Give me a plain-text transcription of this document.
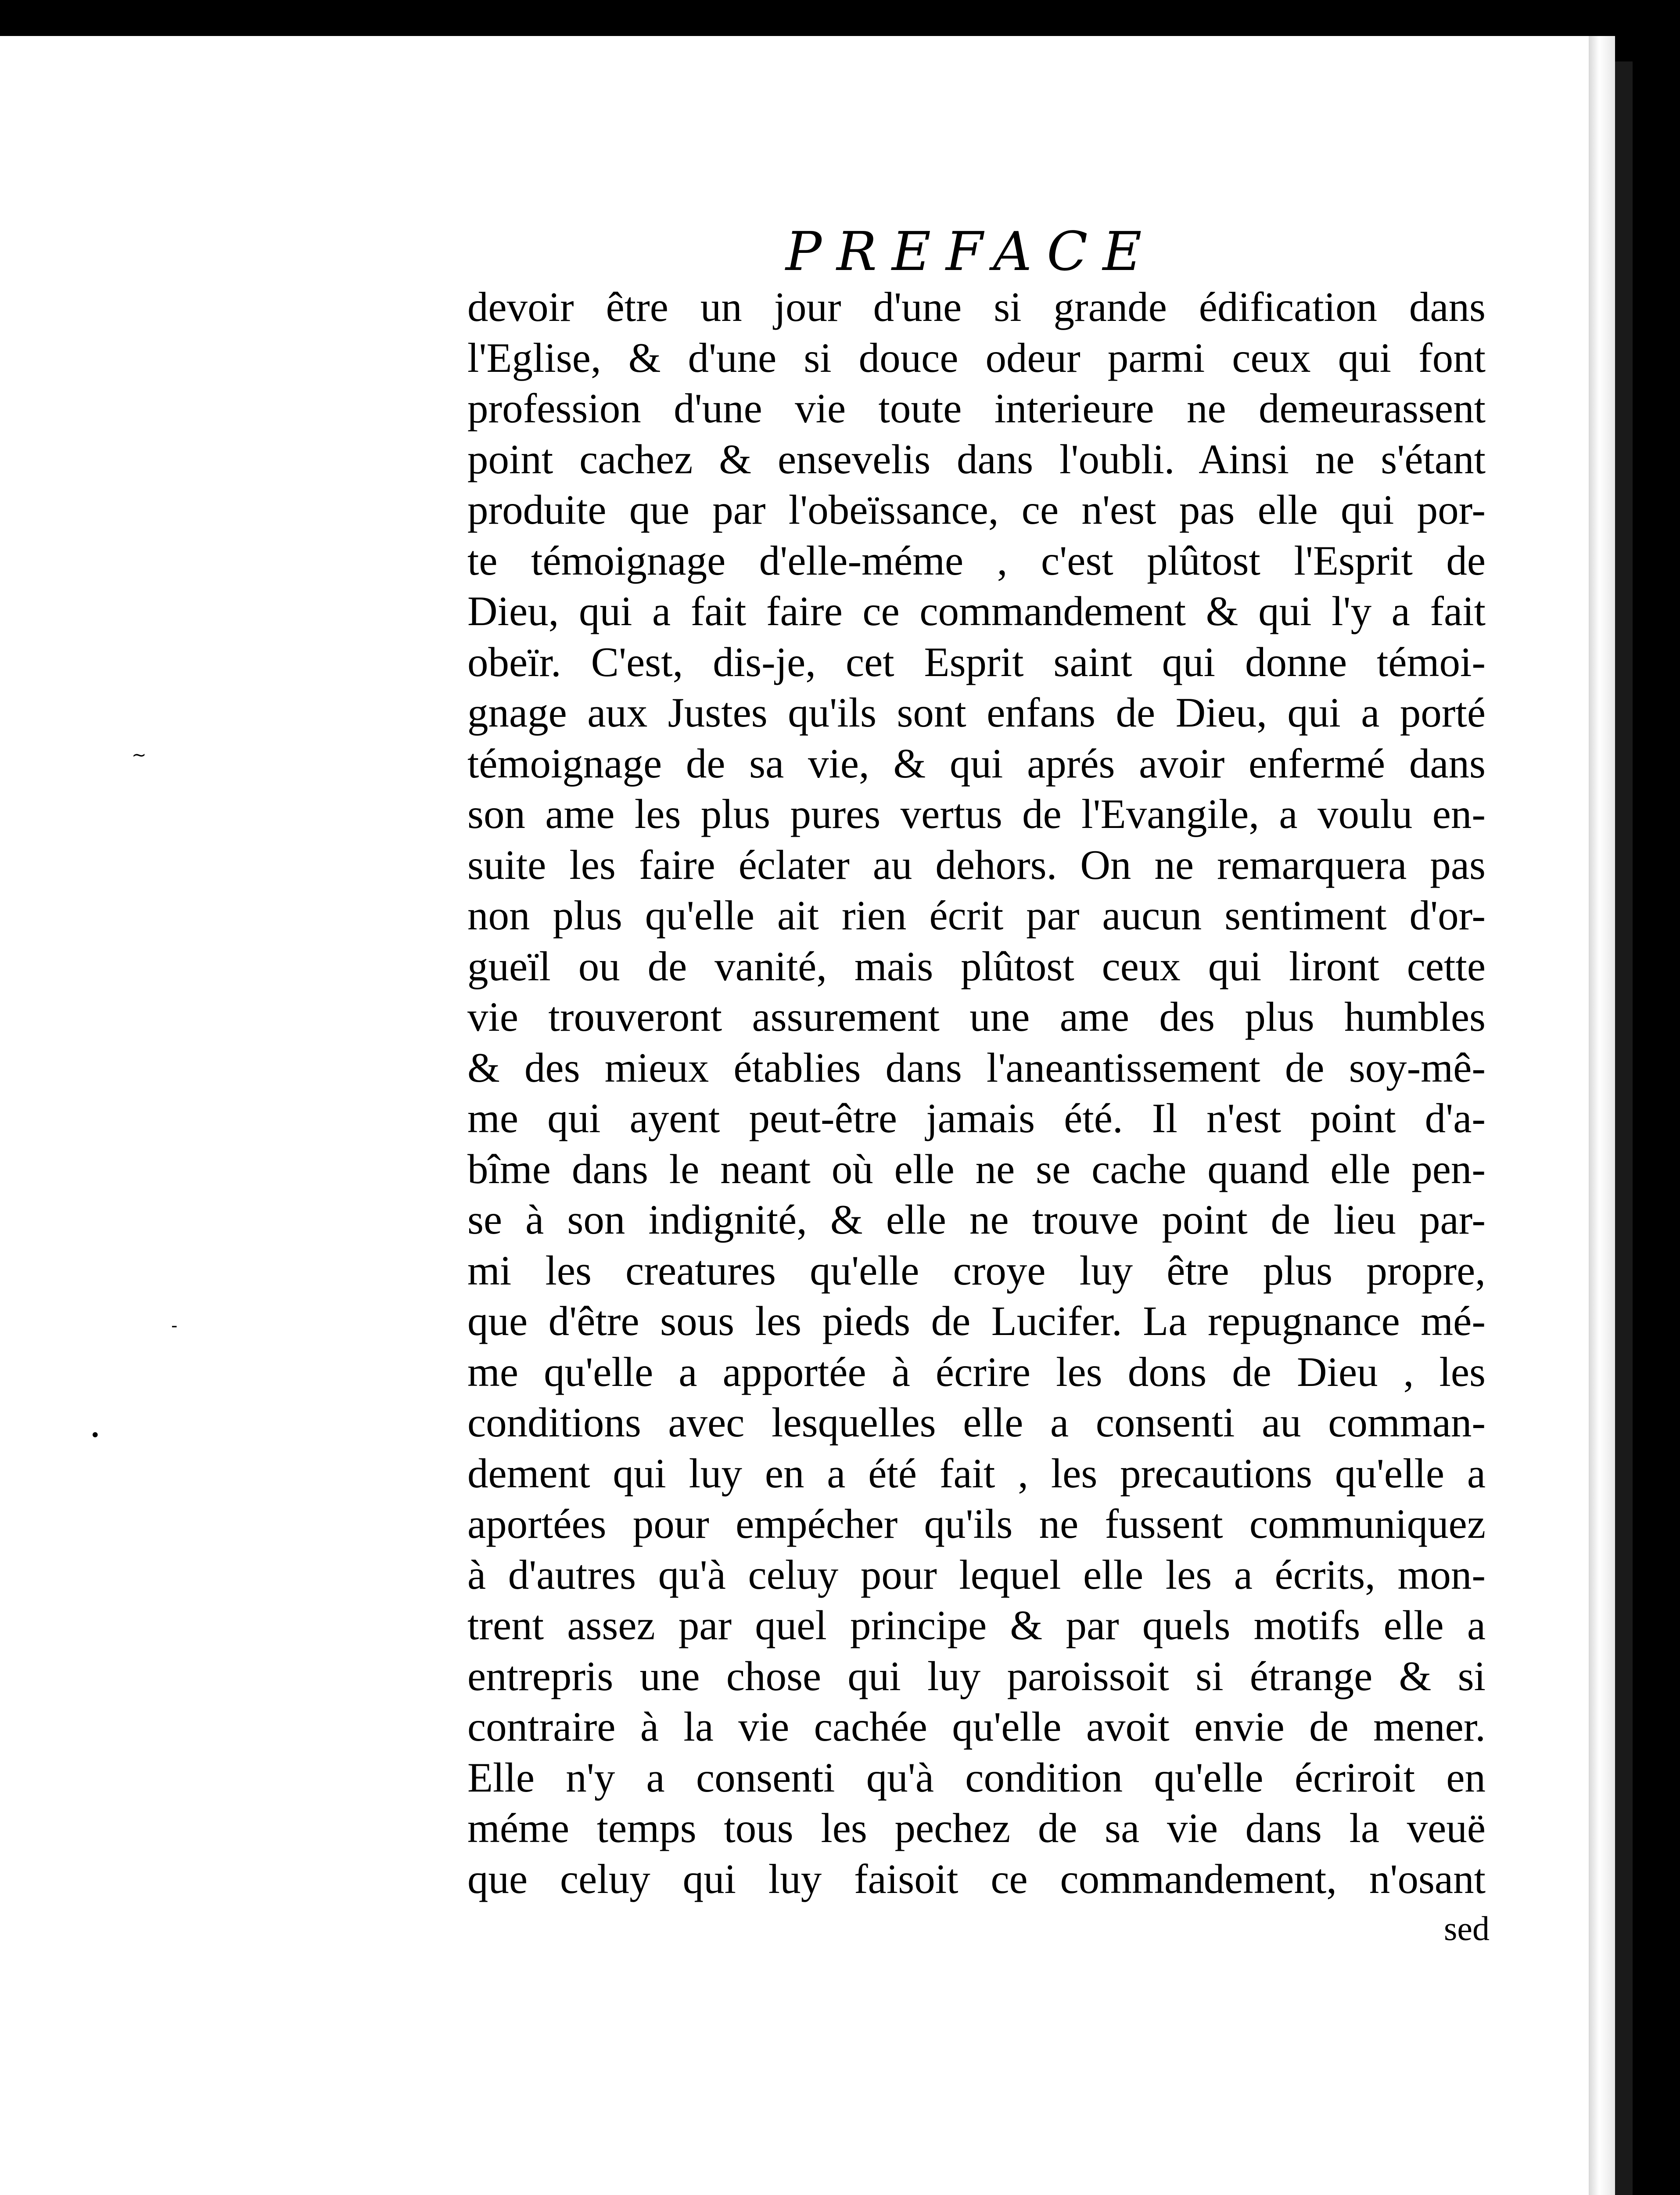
PREFACE
devoir être un jour d'une si grande édification dans
l'Eglise, & d'une si douce odeur parmi ceux qui font
profession d'une vie toute interieure ne demeurassent
point cachez & ensevelis dans l'oubli. Ainsi ne s'étant
produite que par l'obeïssance, ce n'est pas elle qui por-
te témoignage d'elle-méme , c'est plûtost l'Esprit de
Dieu, qui a fait faire ce commandement & qui l'y a fait
obeïr. C'est, dis-je, cet Esprit saint qui donne témoi-
gnage aux Justes qu'ils sont enfans de Dieu, qui a porté
témoignage de sa vie, & qui aprés avoir enfermé dans
son ame les plus pures vertus de l'Evangile, a voulu en-
suite les faire éclater au dehors. On ne remarquera pas
non plus qu'elle ait rien écrit par aucun sentiment d'or-
gueïl ou de vanité, mais plûtost ceux qui liront cette
vie trouveront assurement une ame des plus humbles
& des mieux établies dans l'aneantissement de soy-mê-
me qui ayent peut-être jamais été. Il n'est point d'a-
bîme dans le neant où elle ne se cache quand elle pen-
se à son indignité, & elle ne trouve point de lieu par-
mi les creatures qu'elle croye luy être plus propre,
que d'être sous les pieds de Lucifer. La repugnance mé-
me qu'elle a apportée à écrire les dons de Dieu , les
conditions avec lesquelles elle a consenti au comman-
dement qui luy en a été fait , les precautions qu'elle a
aportées pour empécher qu'ils ne fussent communiquez
à d'autres qu'à celuy pour lequel elle les a écrits, mon-
trent assez par quel principe & par quels motifs elle a
entrepris une chose qui luy paroissoit si étrange & si
contraire à la vie cachée qu'elle avoit envie de mener.
Elle n'y a consenti qu'à condition qu'elle écriroit en
méme temps tous les pechez de sa vie dans la veuë
que celuy qui luy faisoit ce commandement, n'osant
sed
~
•
-
